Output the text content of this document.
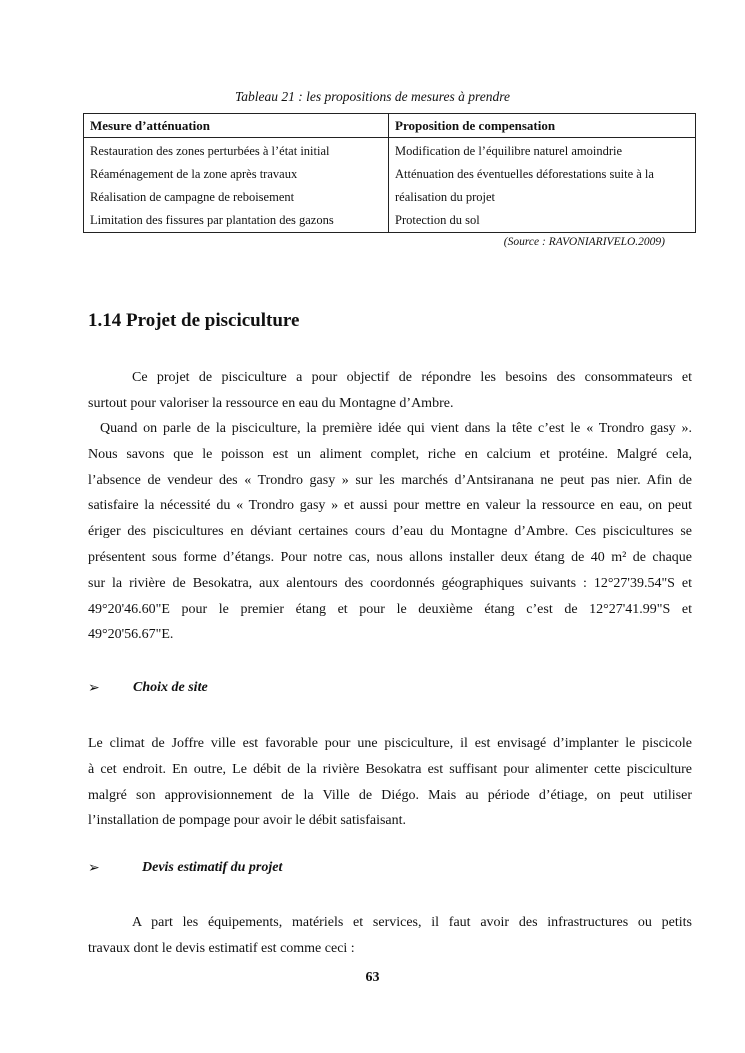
Tableau 21 : les propositions de mesures à prendre
Mesure d’atténuation	Proposition de compensation
Restauration des zones perturbées à l’état initial	Modification de l’équilibre naturel amoindrie
Réaménagement de la zone après travaux	Atténuation des éventuelles déforestations suite à la
Réalisation de campagne de reboisement	réalisation du projet
Limitation des fissures par plantation des gazons	Protection du sol
(Source : RAVONIARIVELO.2009)
1.14 Projet de pisciculture
Ce projet de pisciculture a pour objectif de répondre les besoins des consommateurs et
surtout pour valoriser la ressource en eau du Montagne d’Ambre.
Quand on parle de la pisciculture, la première idée qui vient dans la tête c’est le « Trondro gasy ».
Nous savons que le poisson est un aliment complet, riche en calcium et protéine. Malgré cela,
l’absence de vendeur des « Trondro gasy » sur les marchés d’Antsiranana ne peut pas nier. Afin de
satisfaire la nécessité du « Trondro gasy » et aussi pour mettre en valeur la ressource en eau, on peut
ériger des piscicultures en déviant certaines cours d’eau du Montagne d’Ambre. Ces piscicultures se
présentent sous forme d’étangs. Pour notre cas, nous allons installer deux étang de 40 m² de chaque
sur la rivière de Besokatra, aux alentours des coordonnés géographiques suivants : 12°27'39.54"S et
49°20'46.60"E pour le premier étang et pour le deuxième étang c’est de 12°27'41.99"S et
49°20'56.67"E.
➢ Choix de site
Le climat de Joffre ville est favorable pour une pisciculture, il est envisagé d’implanter le piscicole
à cet endroit. En outre, Le débit de la rivière Besokatra est suffisant pour alimenter cette pisciculture
malgré son approvisionnement de la Ville de Diégo. Mais au période d’étiage, on peut utiliser
l’installation de pompage pour avoir le débit satisfaisant.
➢	Devis estimatif du projet
A part les équipements, matériels et services, il faut avoir des infrastructures ou petits
travaux dont le devis estimatif est comme ceci :
63
